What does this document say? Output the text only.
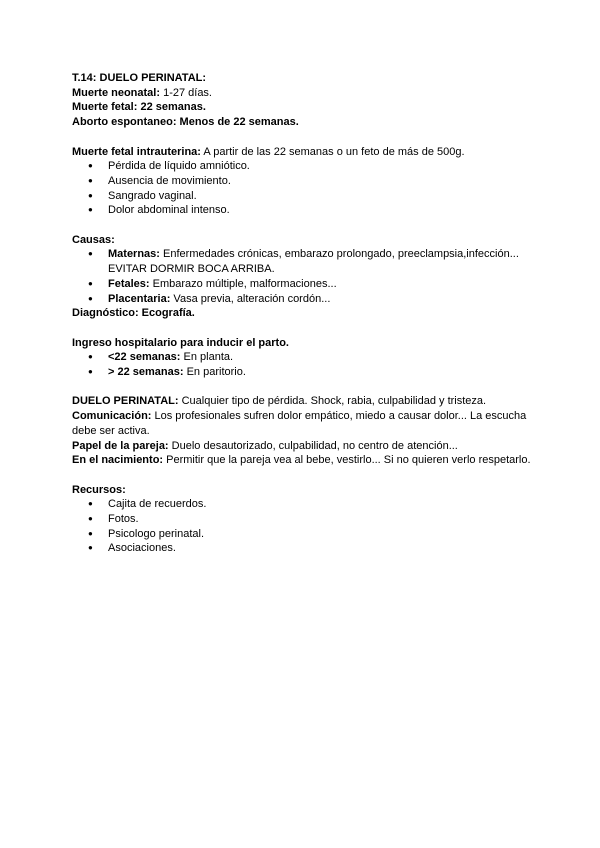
T.14: DUELO PERINATAL:

Muerte neonatal: 1-27 días.

Muerte fetal: 22 semanas.

Aborto espontaneo: Menos de 22 semanas.

Muerte fetal intrauterina: A partir de las 22 semanas o un feto de más de 500g.

● Pérdida de líquido amniótico.
● Ausencia de movimiento.
● Sangrado vaginal.
● Dolor abdominal intenso.

Causas:

● Maternas: Enfermedades crónicas, embarazo prolongado, preeclampsia,infección... EVITAR DORMIR BOCA ARRIBA.
● Fetales: Embarazo múltiple, malformaciones...
● Placentaria: Vasa previa, alteración cordón...

Diagnóstico: Ecografía.

Ingreso hospitalario para inducir el parto.

● <22 semanas: En planta.
● > 22 semanas: En paritorio.

DUELO PERINATAL: Cualquier tipo de pérdida. Shock, rabia, culpabilidad y tristeza.

Comunicación: Los profesionales sufren dolor empático, miedo a causar dolor... La escucha debe ser activa.

Papel de la pareja: Duelo desautorizado, culpabilidad, no centro de atención...

En el nacimiento: Permitir que la pareja vea al bebe, vestirlo... Si no quieren verlo respetarlo.

Recursos:

● Cajita de recuerdos.
● Fotos.
● Psicologo perinatal.
● Asociaciones.
